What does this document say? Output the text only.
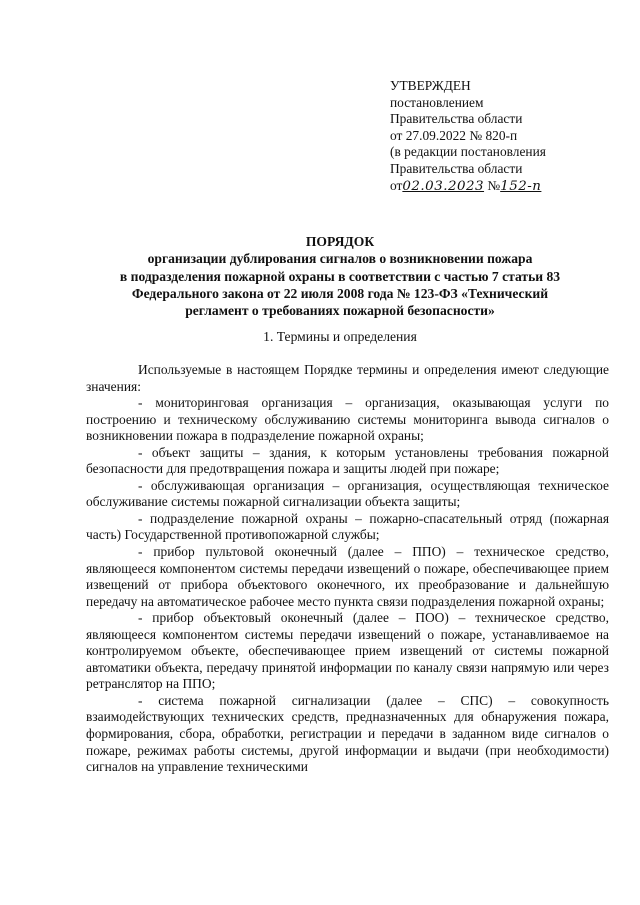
УТВЕРЖДЕН
постановлением
Правительства области
от 27.09.2022 № 820-п
(в редакции постановления
Правительства области
от02.03.2023 №152-п
ПОРЯДОК
организации дублирования сигналов о возникновении пожара
в подразделения пожарной охраны в соответствии с частью 7 статьи 83
Федерального закона от 22 июля 2008 года № 123-ФЗ «Технический
регламент о требованиях пожарной безопасности»
1. Термины и определения

Используемые в настоящем Порядке термины и определения имеют следующие значения:

- мониторинговая организация – организация, оказывающая услуги по построению и техническому обслуживанию системы мониторинга вывода сигналов о возникновении пожара в подразделение пожарной охраны;

- объект защиты – здания, к которым установлены требования пожарной безопасности для предотвращения пожара и защиты людей при пожаре;

- обслуживающая организация – организация, осуществляющая техническое обслуживание системы пожарной сигнализации объекта защиты;

- подразделение пожарной охраны – пожарно-спасательный отряд (пожарная часть) Государственной противопожарной службы;

- прибор пультовой оконечный (далее – ППО) – техническое средство, являющееся компонентом системы передачи извещений о пожаре, обеспечивающее прием извещений от прибора объектового оконечного, их преобразование и дальнейшую передачу на автоматическое рабочее место пункта связи подразделения пожарной охраны;

- прибор объектовый оконечный (далее – ПОО) – техническое средство, являющееся компонентом системы передачи извещений о пожаре, устанавливаемое на контролируемом объекте, обеспечивающее прием извещений от системы пожарной автоматики объекта, передачу принятой информации по каналу связи напрямую или через ретранслятор на ППО;

- система пожарной сигнализации (далее – СПС) – совокупность взаимодействующих технических средств, предназначенных для обнаружения пожара, формирования, сбора, обработки, регистрации и передачи в заданном виде сигналов о пожаре, режимах работы системы, другой информации и выдачи (при необходимости) сигналов на управление техническими
